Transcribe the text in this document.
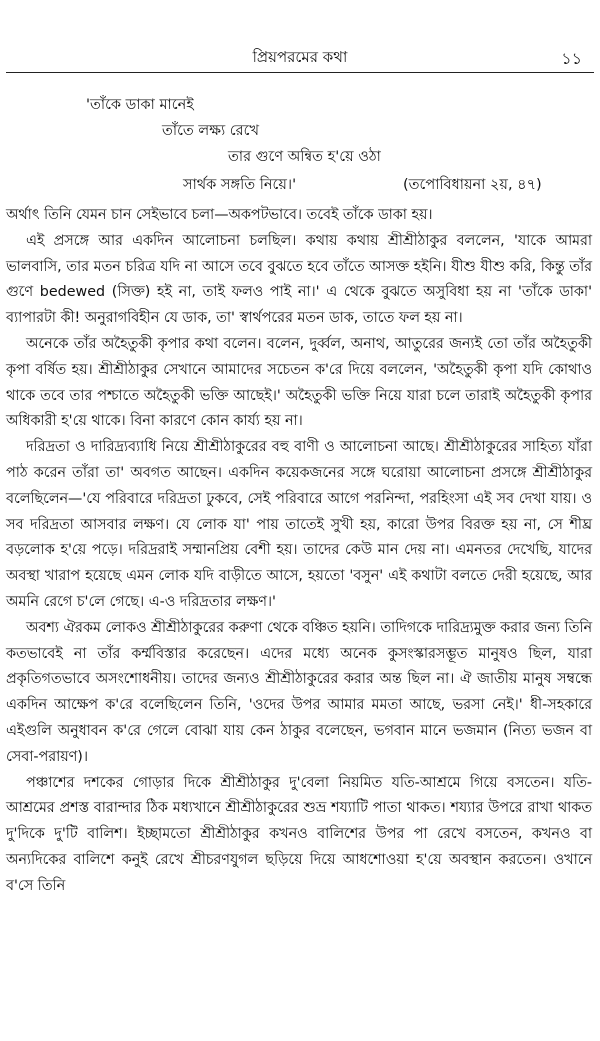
প্রিয়পরমের কথা	১১
'তাঁকে ডাকা মানেই
তাঁতে লক্ষ্য রেখে
তার গুণে অন্বিত হ'য়ে ওঠা
সার্থক সঙ্গতি নিয়ে।'	(তপোবিধায়না ২য়, ৪৭)

অর্থাৎ তিনি যেমন চান সেইভাবে চলা—অকপটভাবে। তবেই তাঁকে ডাকা হয়।

এই প্রসঙ্গে আর একদিন আলোচনা চলছিল। কথায় কথায় শ্রীশ্রীঠাকুর বললেন, 'যাকে আমরা ভালবাসি, তার মতন চরিত্র যদি না আসে তবে বুঝতে হবে তাঁতে আসক্ত হইনি। যীশু যীশু করি, কিন্তু তাঁর গুণে bedewed (সিক্ত) হই না, তাই ফলও পাই না।' এ থেকে বুঝতে অসুবিধা হয় না 'তাঁকে ডাকা' ব্যাপারটা কী! অনুরাগবিহীন যে ডাক, তা' স্বার্থপরের মতন ডাক, তাতে ফল হয় না।

অনেকে তাঁর অহৈতুকী কৃপার কথা বলেন। বলেন, দুর্ব্বল, অনাথ, আতুরের জন্যই তো তাঁর অহৈতুকী কৃপা বর্ষিত হয়। শ্রীশ্রীঠাকুর সেখানে আমাদের সচেতন ক'রে দিয়ে বললেন, 'অহৈতুকী কৃপা যদি কোথাও থাকে তবে তার পশ্চাতে অহৈতুকী ভক্তি আছেই।' অহৈতুকী ভক্তি নিয়ে যারা চলে তারাই অহৈতুকী কৃপার অধিকারী হ'য়ে থাকে। বিনা কারণে কোন কার্য্য হয় না।

দরিদ্রতা ও দারিদ্র্যব্যাধি নিয়ে শ্রীশ্রীঠাকুরের বহু বাণী ও আলোচনা আছে। শ্রীশ্রীঠাকুরের সাহিত্য যাঁরা পাঠ করেন তাঁরা তা' অবগত আছেন। একদিন কয়েকজনের সঙ্গে ঘরোয়া আলোচনা প্রসঙ্গে শ্রীশ্রীঠাকুর বলেছিলেন—'যে পরিবারে দরিদ্রতা ঢুকবে, সেই পরিবারে আগে পরনিন্দা, পরহিংসা এই সব দেখা যায়। ও সব দরিদ্রতা আসবার লক্ষণ। যে লোক যা' পায় তাতেই সুখী হয়, কারো উপর বিরক্ত হয় না, সে শীঘ্র বড়লোক হ'য়ে পড়ে। দরিদ্ররাই সম্মানপ্রিয় বেশী হয়। তাদের কেউ মান দেয় না। এমনতর দেখেছি, যাদের অবস্থা খারাপ হয়েছে এমন লোক যদি বাড়ীতে আসে, হয়তো 'বসুন' এই কথাটা বলতে দেরী হয়েছে, আর অমনি রেগে চ'লে গেছে। এ-ও দরিদ্রতার লক্ষণ।'

অবশ্য ঐরকম লোকও শ্রীশ্রীঠাকুরের করুণা থেকে বঞ্চিত হয়নি। তাদিগকে দারিদ্র্যমুক্ত করার জন্য তিনি কতভাবেই না তাঁর কর্ম্মবিস্তার করেছেন। এদের মধ্যে অনেক কুসংস্কারসম্ভূত মানুষও ছিল, যারা প্রকৃতিগতভাবে অসংশোধনীয়। তাদের জন্যও শ্রীশ্রীঠাকুরের করার অন্ত ছিল না। ঐ জাতীয় মানুষ সম্বন্ধে একদিন আক্ষেপ ক'রে বলেছিলেন তিনি, 'ওদের উপর আমার মমতা আছে, ভরসা নেই।' ধী-সহকারে এইগুলি অনুধাবন ক'রে গেলে বোঝা যায় কেন ঠাকুর বলেছেন, ভগবান মানে ভজমান (নিত্য ভজন বা সেবা-পরায়ণ)।

পঞ্চাশের দশকের গোড়ার দিকে শ্রীশ্রীঠাকুর দু'বেলা নিয়মিত যতি-আশ্রমে গিয়ে বসতেন। যতি-আশ্রমের প্রশস্ত বারান্দার ঠিক মধ্যখানে শ্রীশ্রীঠাকুরের শুভ্র শয্যাটি পাতা থাকত। শয্যার উপরে রাখা থাকত দু'দিকে দু'টি বালিশ। ইচ্ছামতো শ্রীশ্রীঠাকুর কখনও বালিশের উপর পা রেখে বসতেন, কখনও বা অন্যদিকের বালিশে কনুই রেখে শ্রীচরণযুগল ছড়িয়ে দিয়ে আধশোওয়া হ'য়ে অবস্থান করতেন। ওখানে ব'সে তিনি
